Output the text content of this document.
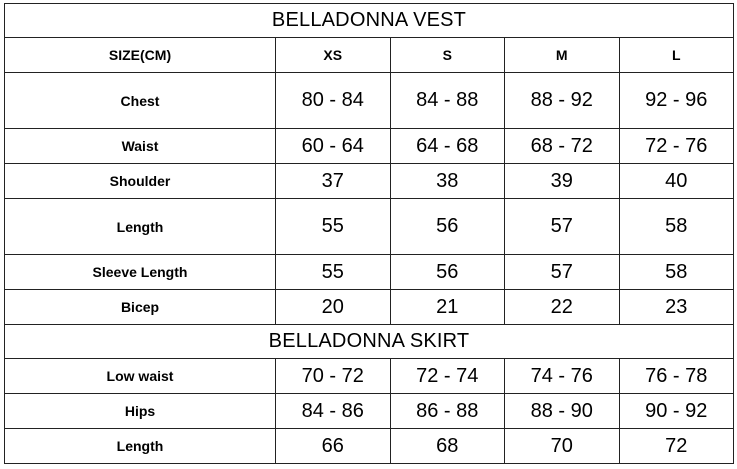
BELLADONNA VEST				
SIZE(CM)	XS	S	M	L
Chest	80 - 84	84 - 88	88 - 92	92 - 96
Waist	60 - 64	64 - 68	68 - 72	72 - 76
Shoulder	37	38	39	40
Length	55	56	57	58
Sleeve Length	55	56	57	58
Bicep	20	21	22	23
BELLADONNA SKIRT				
Low waist	70 - 72	72 - 74	74 - 76	76 - 78
Hips	84 - 86	86 - 88	88 - 90	90 - 92
Length	66	68	70	72
